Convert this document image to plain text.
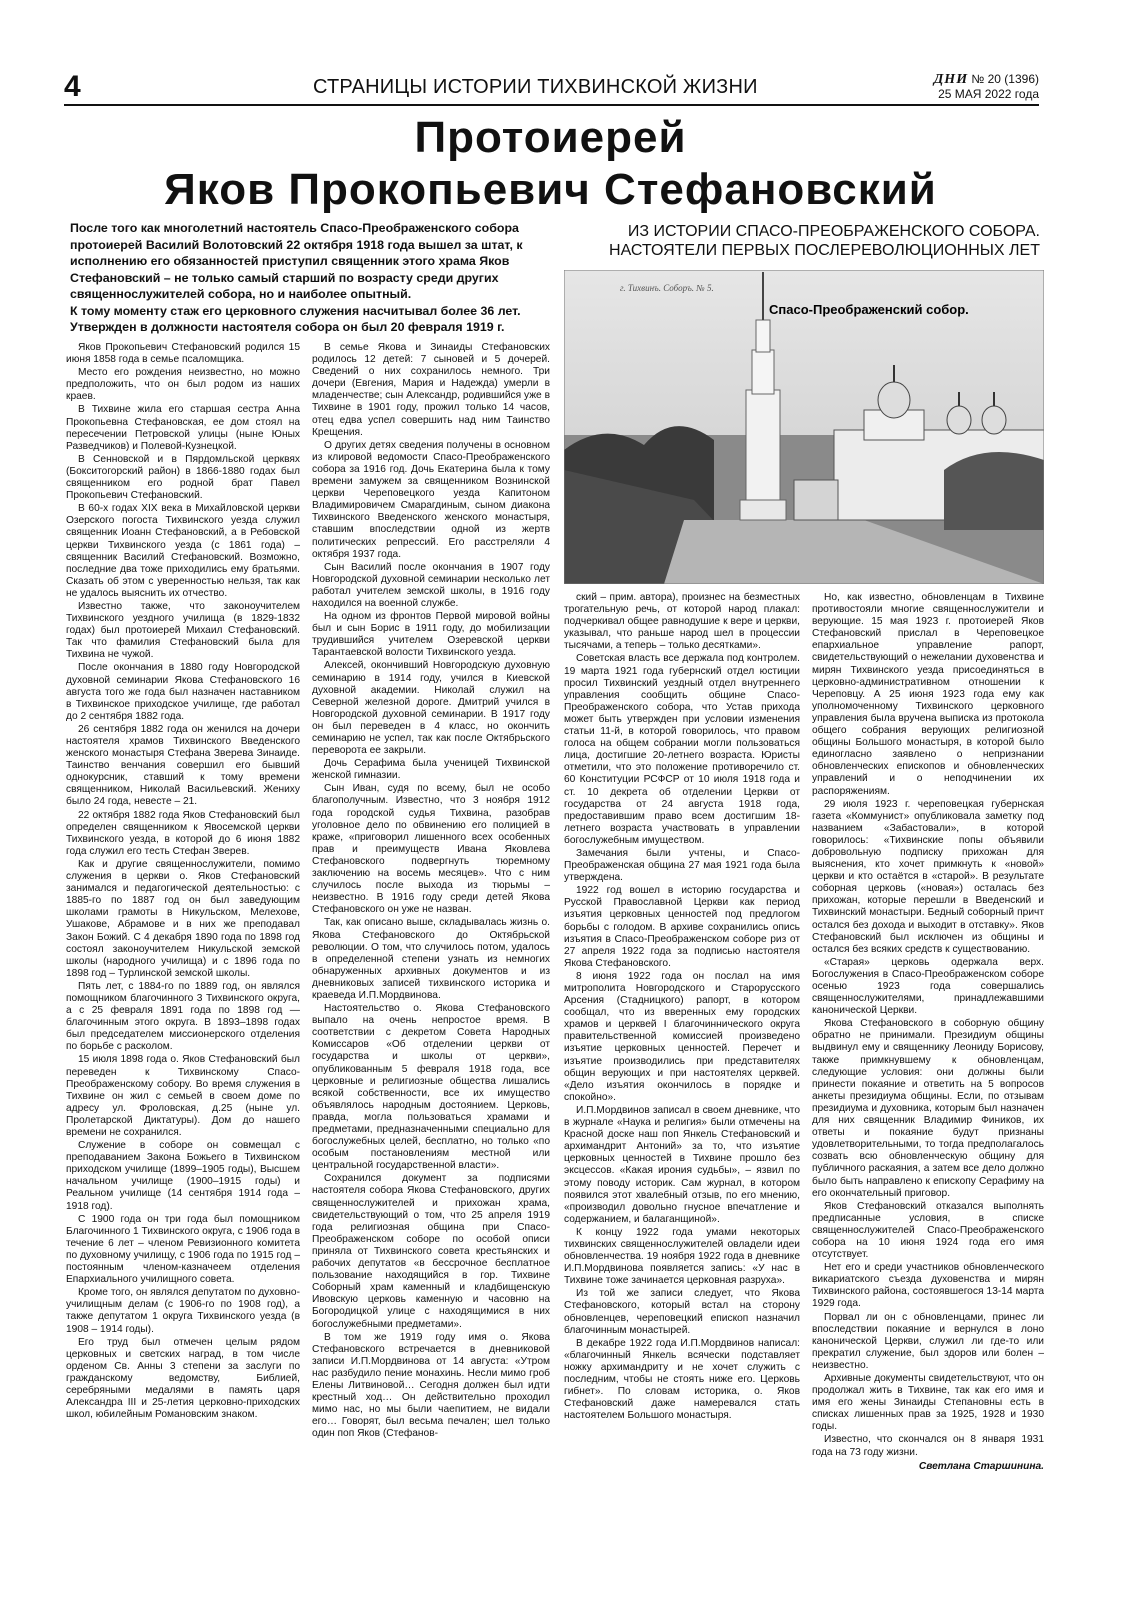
4	СТРАНИЦЫ ИСТОРИИ ТИХВИНСКОЙ ЖИЗНИ	ДНИ № 20 (1396)
25 МАЯ 2022 года
Протоиерей
Яков Прокопьевич Стефановский

После того как многолетний настоятель Спасо-Преображенского собора протоиерей Василий Волотовский 22 октября 1918 года вышел за штат, к исполнению его обязанностей приступил священник этого храма Яков Стефановский – не только самый старший по возрасту среди других священнослужителей собора, но и наиболее опытный.

К тому моменту стаж его церковного служения насчитывал более 36 лет. Утвержден в должности настоятеля собора он был 20 февраля 1919 г.

ИЗ ИСТОРИИ СПАСО-ПРЕОБРАЖЕНСКОГО СОБОРА.
НАСТОЯТЕЛИ ПЕРВЫХ ПОСЛЕРЕВОЛЮЦИОННЫХ ЛЕТ
г. Тихвинъ. Соборъ. № 5.
Спасо-Преображенский собор.

Яков Прокопьевич Стефановский родился 15 июня 1858 года в семье псаломщика.

Место его рождения неизвестно, но можно предположить, что он был родом из наших краев.

В Тихвине жила его старшая сестра Анна Прокопьевна Стефановская, ее дом стоял на пересечении Петровской улицы (ныне Юных Разведчиков) и Полевой-Кузнецкой.

В Сенновской и в Пярдомльской церквях (Бокситогорский район) в 1866-1880 годах был священником его родной брат Павел Прокопьевич Стефановский.

В 60-х годах XIX века в Михайловской церкви Озерского погоста Тихвинского уезда служил священник Иоанн Стефановский, а в Ребовской церкви Тихвинского уезда (с 1861 года) – священник Василий Стефановский. Возможно, последние два тоже приходились ему братьями. Сказать об этом с уверенностью нельзя, так как не удалось выяснить их отчество.

Известно также, что законоучителем Тихвинского уездного училища (в 1829-1832 годах) был протоиерей Михаил Стефановский. Так что фамилия Стефановский была для Тихвина не чужой.

После окончания в 1880 году Новгородской духовной семинарии Якова Стефановского 16 августа того же года был назначен наставником в Тихвинское приходское училище, где работал до 2 сентября 1882 года.

26 сентября 1882 года он женился на дочери настоятеля храмов Тихвинского Введенского женского монастыря Стефана Зверева Зинаиде. Таинство венчания совершил его бывший однокурсник, ставший к тому времени священником, Николай Васильевский. Жениху было 24 года, невесте – 21.

22 октября 1882 года Яков Стефановский был определен священником к Явосемской церкви Тихвинского уезда, в которой до 6 июня 1882 года служил его тесть Стефан Зверев.

Как и другие священнослужители, помимо служения в церкви о. Яков Стефановский занимался и педагогической деятельностью: с 1885-го по 1887 год он был заведующим школами грамоты в Никульском, Мелехове, Ушакове, Абрамове и в них же преподавал Закон Божий. С 4 декабря 1890 года по 1898 год состоял законоучителем Никульской земской школы (народного училища) и с 1896 года по 1898 год – Турлинской земской школы.

Пять лет, с 1884-го по 1889 год, он являлся помощником благочинного 3 Тихвинского округа, а с 25 февраля 1891 года по 1898 год — благочинным этого округа. В 1893–1898 годах был председателем миссионерского отделения по борьбе с расколом.

15 июля 1898 года о. Яков Стефановский был переведен к Тихвинскому Спасо-Преображенскому собору. Во время служения в Тихвине он жил с семьей в своем доме по адресу ул. Фроловская, д.25 (ныне ул. Пролетарской Диктатуры). Дом до нашего времени не сохранился.

Служение в соборе он совмещал с преподаванием Закона Божьего в Тихвинском приходском училище (1899–1905 годы), Высшем начальном училище (1900–1915 годы) и Реальном училище (14 сентября 1914 года – 1918 год).

С 1900 года он три года был помощником Благочинного 1 Тихвинского округа, с 1906 года в течение 6 лет – членом Ревизионного комитета по духовному училищу, с 1906 года по 1915 год – постоянным членом-казначеем отделения Епархиального училищного совета.

Кроме того, он являлся депутатом по духовно-училищным делам (с 1906-го по 1908 год), а также депутатом 1 округа Тихвинского уезда (в 1908 – 1914 годы).

Его труд был отмечен целым рядом церковных и светских наград, в том числе орденом Св. Анны 3 степени за заслуги по гражданскому ведомству, Библией, серебряными медалями в память царя Александра III и 25-летия церковно-приходских школ, юбилейным Романовским знаком.

В семье Якова и Зинаиды Стефановских родилось 12 детей: 7 сыновей и 5 дочерей. Сведений о них сохранилось немного. Три дочери (Евгения, Мария и Надежда) умерли в младенчестве; сын Александр, родившийся уже в Тихвине в 1901 году, прожил только 14 часов, отец едва успел совершить над ним Таинство Крещения.

О других детях сведения получены в основном из клировой ведомости Спасо-Преображенского собора за 1916 год. Дочь Екатерина была к тому времени замужем за священником Вознинской церкви Череповецкого уезда Капитоном Владимировичем Смарагдиным, сыном диакона Тихвинского Введенского женского монастыря, ставшим впоследствии одной из жертв политических репрессий. Его расстреляли 4 октября 1937 года.

Сын Василий после окончания в 1907 году Новгородской духовной семинарии несколько лет работал учителем земской школы, в 1916 году находился на военной службе.

На одном из фронтов Первой мировой войны был и сын Борис в 1911 году, до мобилизации трудившийся учителем Озеревской церкви Тарантаевской волости Тихвинского уезда.

Алексей, окончивший Новгородскую духовную семинарию в 1914 году, учился в Киевской духовной академии. Николай служил на Северной железной дороге. Дмитрий учился в Новгородской духовной семинарии. В 1917 году он был переведен в 4 класс, но окончить семинарию не успел, так как после Октябрьского переворота ее закрыли.

Дочь Серафима была ученицей Тихвинской женской гимназии.

Сын Иван, судя по всему, был не особо благополучным. Известно, что 3 ноября 1912 года городской судья Тихвина, разобрав уголовное дело по обвинению его полицией в краже, «приговорил лишенного всех особенных прав и преимуществ Ивана Яковлева Стефановского подвергнуть тюремному заключению на восемь месяцев». Что с ним случилось после выхода из тюрьмы – неизвестно. В 1916 году среди детей Якова Стефановского он уже не назван.

Так, как описано выше, складывалась жизнь о. Якова Стефановского до Октябрьской революции. О том, что случилось потом, удалось в определенной степени узнать из немногих обнаруженных архивных документов и из дневниковых записей тихвинского историка и краеведа И.П.Мордвинова.

Настоятельство о. Якова Стефановского выпало на очень непростое время. В соответствии с декретом Совета Народных Комиссаров «Об отделении церкви от государства и школы от церкви», опубликованным 5 февраля 1918 года, все церковные и религиозные общества лишались всякой собственности, все их имущество объявлялось народным достоянием. Церковь, правда, могла пользоваться храмами и предметами, предназначенными специально для богослужебных целей, бесплатно, но только «по особым постановлениям местной или центральной государственной власти».

Сохранился документ за подписями настоятеля собора Якова Стефановского, других священнослужителей и прихожан храма, свидетельствующий о том, что 25 апреля 1919 года религиозная община при Спасо-Преображенском соборе по особой описи приняла от Тихвинского совета крестьянских и рабочих депутатов «в бессрочное бесплатное пользование находящийся в гор. Тихвине Соборный храм каменный и кладбищенскую Ивовскую церковь каменную и часовню на Богородицкой улице с находящимися в них богослужебными предметами».

В том же 1919 году имя о. Якова Стефановского встречается в дневниковой записи И.П.Мордвинова от 14 августа: «Утром нас разбудило пение монахинь. Несли мимо гроб Елены Литвиновой… Сегодня должен был идти крестный ход… Он действительно проходил мимо нас, но мы были чаепитием, не видали его… Говорят, был весьма печален; шел только один поп Яков (Стефанов-

ский – прим. автора), произнес на безместных трогательную речь, от которой народ плакал: подчеркивал общее равнодушие к вере и церкви, указывал, что раньше народ шел в процессии тысячами, а теперь – только десятками».

Советская власть все держала под контролем. 19 марта 1921 года губернский отдел юстиции просил Тихвинский уездный отдел внутреннего управления сообщить общине Спасо-Преображенского собора, что Устав прихода может быть утвержден при условии изменения статьи 11-й, в которой говорилось, что правом голоса на общем собрании могли пользоваться лица, достигшие 20-летнего возраста. Юристы отметили, что это положение противоречило ст. 60 Конституции РСФСР от 10 июля 1918 года и ст. 10 декрета об отделении Церкви от государства от 24 августа 1918 года, предоставившим право всем достигшим 18-летнего возраста участвовать в управлении богослужебным имуществом.

Замечания были учтены, и Спасо-Преображенская община 27 мая 1921 года была утверждена.

1922 год вошел в историю государства и Русской Православной Церкви как период изъятия церковных ценностей под предлогом борьбы с голодом. В архиве сохранились опись изъятия в Спасо-Преображенском соборе риз от 27 апреля 1922 года за подписью настоятеля Якова Стефановского.

8 июня 1922 года он послал на имя митрополита Новгородского и Старорусского Арсения (Стадницкого) рапорт, в котором сообщал, что из вверенных ему городских храмов и церквей I благочиннического округа правительственной комиссией произведено изъятие церковных ценностей. Перечет и изъятие производились при представителях общин верующих и при настоятелях церквей. «Дело изъятия окончилось в порядке и спокойно».

И.П.Мордвинов записал в своем дневнике, что в журнале «Наука и религия» были отмечены на Красной доске наш поп Янкель Стефановский и архимандрит Антоний» за то, что изъятие церковных ценностей в Тихвине прошло без эксцессов. «Какая ирония судьбы», – язвил по этому поводу историк. Сам журнал, в котором появился этот хвалебный отзыв, по его мнению, «производил довольно гнусное впечатление и содержанием, и балаганщиной».

К концу 1922 года умами некоторых тихвинских священнослужителей овладели идеи обновленчества. 19 ноября 1922 года в дневнике И.П.Мордвинова появляется запись: «У нас в Тихвине тоже зачинается церковная разруха».

Из той же записи следует, что Якова Стефановского, который встал на сторону обновленцев, череповецкий епископ назначил благочинным монастырей.

В декабре 1922 года И.П.Мордвинов написал: «благочинный Янкель всячески подставляет ножку архимандриту и не хочет служить с последним, чтобы не стоять ниже его. Церковь гибнет». По словам историка, о. Яков Стефановский даже намеревался стать настоятелем Большого монастыря.

Но, как известно, обновленцам в Тихвине противостояли многие священнослужители и верующие. 15 мая 1923 г. протоиерей Яков Стефановский прислал в Череповецкое епархиальное управление рапорт, свидетельствующий о нежелании духовенства и мирян Тихвинского уезда присоединяться в церковно-административном отношении к Череповцу. А 25 июня 1923 года ему как уполномоченному Тихвинского церковного управления была вручена выписка из протокола общего собрания верующих религиозной общины Большого монастыря, в которой было единогласно заявлено о непризнании обновленческих епископов и обновленческих управлений и о неподчинении их распоряжениям.

29 июля 1923 г. череповецкая губернская газета «Коммунист» опубликовала заметку под названием «Забастовали», в которой говорилось: «Тихвинские попы объявили добровольную подписку прихожан для выяснения, кто хочет примкнуть к «новой» церкви и кто остаётся в «старой». В результате соборная церковь («новая») осталась без прихожан, которые перешли в Введенский и Тихвинский монастыри. Бедный соборный причт остался без дохода и выходит в отставку». Яков Стефановский был исключен из общины и остался без всяких средств к существованию.

«Старая» церковь одержала верх. Богослужения в Спасо-Преображенском соборе осенью 1923 года совершались священнослужителями, принадлежавшими канонической Церкви.

Якова Стефановского в соборную общину обратно не принимали. Президиум общины выдвинул ему и священнику Леониду Борисову, также примкнувшему к обновленцам, следующие условия: они должны были принести покаяние и ответить на 5 вопросов анкеты президиума общины. Если, по отзывам президиума и духовника, которым был назначен для них священник Владимир Фиников, их ответы и покаяние будут признаны удовлетворительными, то тогда предполагалось созвать всю обновленческую общину для публичного раскаяния, а затем все дело должно было быть направлено к епископу Серафиму на его окончательный приговор.

Яков Стефановский отказался выполнять предписанные условия, в списке священнослужителей Спасо-Преображенского собора на 10 июня 1924 года его имя отсутствует.

Нет его и среди участников обновленческого викариатского съезда духовенства и мирян Тихвинского района, состоявшегося 13-14 марта 1929 года.

Порвал ли он с обновленцами, принес ли впоследствии покаяние и вернулся в лоно канонической Церкви, служил ли где-то или прекратил служение, был здоров или болен – неизвестно.

Архивные документы свидетельствуют, что он продолжал жить в Тихвине, так как его имя и имя его жены Зинаиды Степановны есть в списках лишенных прав за 1925, 1928 и 1930 годы.

Известно, что скончался он 8 января 1931 года на 73 году жизни.

Светлана Старшинина.
